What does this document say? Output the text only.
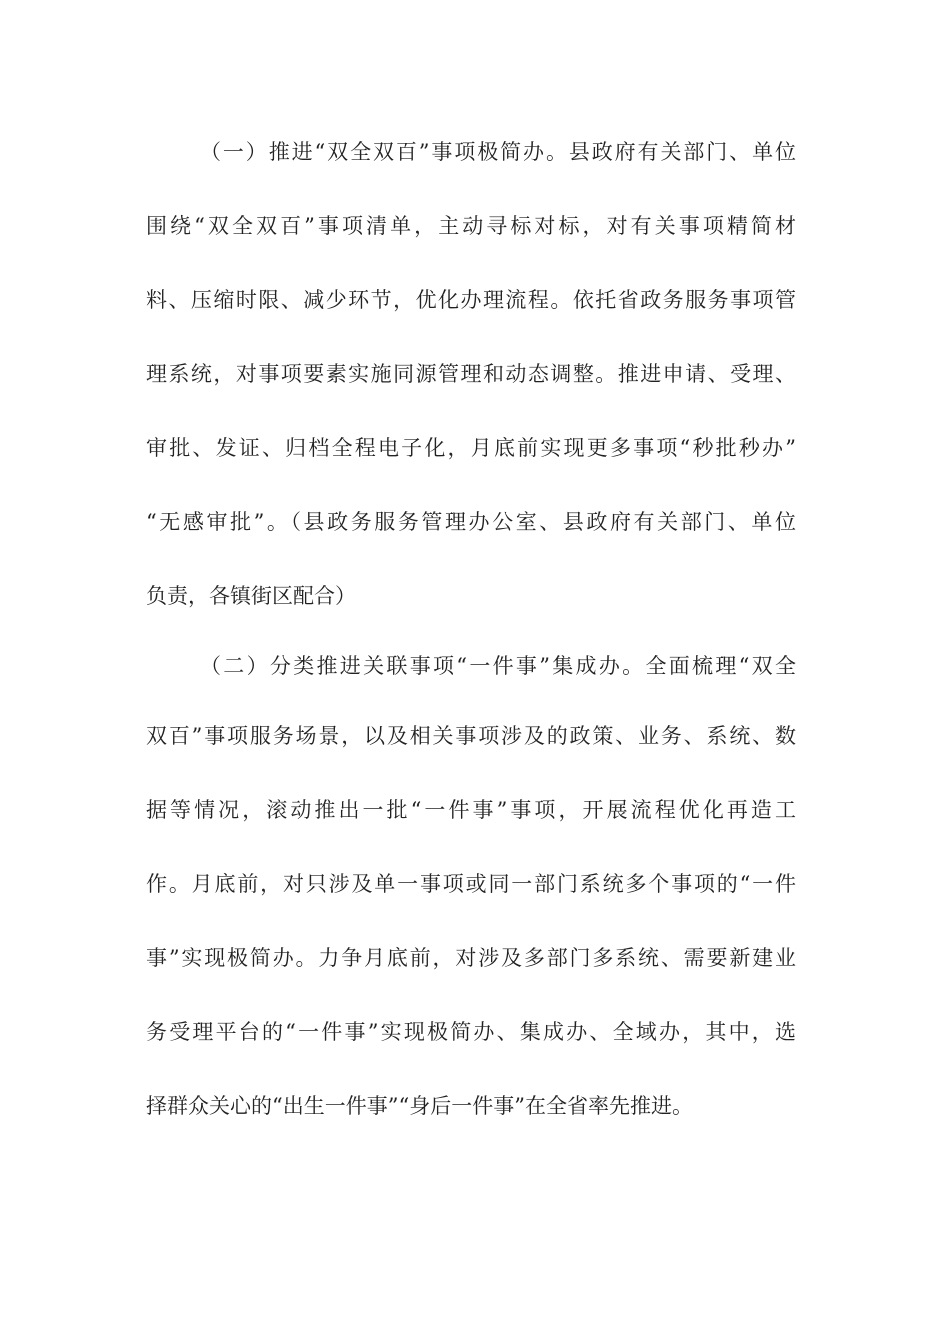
（一）推进“双全双百”事项极简办。县政府有关部门、单位
围绕“双全双百”事项清单，主动寻标对标，对有关事项精简材
料、压缩时限、减少环节，优化办理流程。依托省政务服务事项管
理系统，对事项要素实施同源管理和动态调整。推进申请、受理、
审批、发证、归档全程电子化，月底前实现更多事项“秒批秒办”
“无感审批”。（县政务服务管理办公室、县政府有关部门、单位
负责，各镇街区配合）
（二）分类推进关联事项“一件事”集成办。全面梳理“双全
双百”事项服务场景，以及相关事项涉及的政策、业务、系统、数
据等情况，滚动推出一批“一件事”事项，开展流程优化再造工
作。月底前，对只涉及单一事项或同一部门系统多个事项的“一件
事”实现极简办。力争月底前，对涉及多部门多系统、需要新建业
务受理平台的“一件事”实现极简办、集成办、全域办，其中，选
择群众关心的“出生一件事”“身后一件事”在全省率先推进。
